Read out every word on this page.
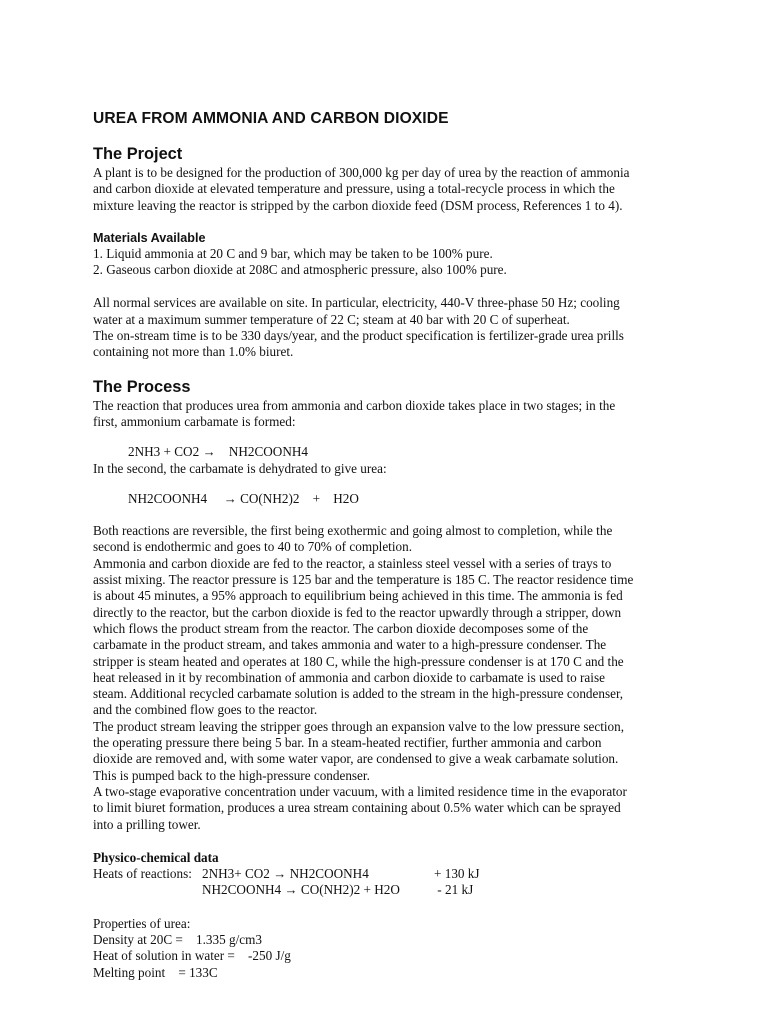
UREA FROM AMMONIA AND CARBON DIOXIDE
The Project

A plant is to be designed for the production of 300,000 kg per day of urea by the reaction of ammonia
and carbon dioxide at elevated temperature and pressure, using a total-recycle process in which the
mixture leaving the reactor is stripped by the carbon dioxide feed (DSM process, References 1 to 4).

Materials Available

1. Liquid ammonia at 20 C and 9 bar, which may be taken to be 100% pure.
2. Gaseous carbon dioxide at 208C and atmospheric pressure, also 100% pure.

All normal services are available on site. In particular, electricity, 440-V three-phase 50 Hz; cooling
water at a maximum summer temperature of 22 C; steam at 40 bar with 20 C of superheat.
The on-stream time is to be 330 days/year, and the product specification is fertilizer-grade urea prills
containing not more than 1.0% biuret.

The Process

The reaction that produces urea from ammonia and carbon dioxide takes place in two stages; in the
first, ammonium carbamate is formed:

2NH3 + CO2 →    NH2COONH4
In the second, the carbamate is dehydrated to give urea:
NH2COONH4     → CO(NH2)2    +    H2O

Both reactions are reversible, the first being exothermic and going almost to completion, while the
second is endothermic and goes to 40 to 70% of completion.
Ammonia and carbon dioxide are fed to the reactor, a stainless steel vessel with a series of trays to
assist mixing. The reactor pressure is 125 bar and the temperature is 185 C. The reactor residence time
is about 45 minutes, a 95% approach to equilibrium being achieved in this time. The ammonia is fed
directly to the reactor, but the carbon dioxide is fed to the reactor upwardly through a stripper, down
which flows the product stream from the reactor. The carbon dioxide decomposes some of the
carbamate in the product stream, and takes ammonia and water to a high-pressure condenser. The
stripper is steam heated and operates at 180 C, while the high-pressure condenser is at 170 C and the
heat released in it by recombination of ammonia and carbon dioxide to carbamate is used to raise
steam. Additional recycled carbamate solution is added to the stream in the high-pressure condenser,
and the combined flow goes to the reactor.
The product stream leaving the stripper goes through an expansion valve to the low pressure section,
the operating pressure there being 5 bar. In a steam-heated rectifier, further ammonia and carbon
dioxide are removed and, with some water vapor, are condensed to give a weak carbamate solution.
This is pumped back to the high-pressure condenser.
A two-stage evaporative concentration under vacuum, with a limited residence time in the evaporator
to limit biuret formation, produces a urea stream containing about 0.5% water which can be sprayed
into a prilling tower.

Physico-chemical data
Heats of reactions: 2NH3+ CO2 → NH2COONH4	+ 130 kJ
NH2COONH4 → CO(NH2)2 + H2O	- 21 kJ

Properties of urea:
Density at 20C =    1.335 g/cm3
Heat of solution in water =    -250 J/g
Melting point    = 133C
